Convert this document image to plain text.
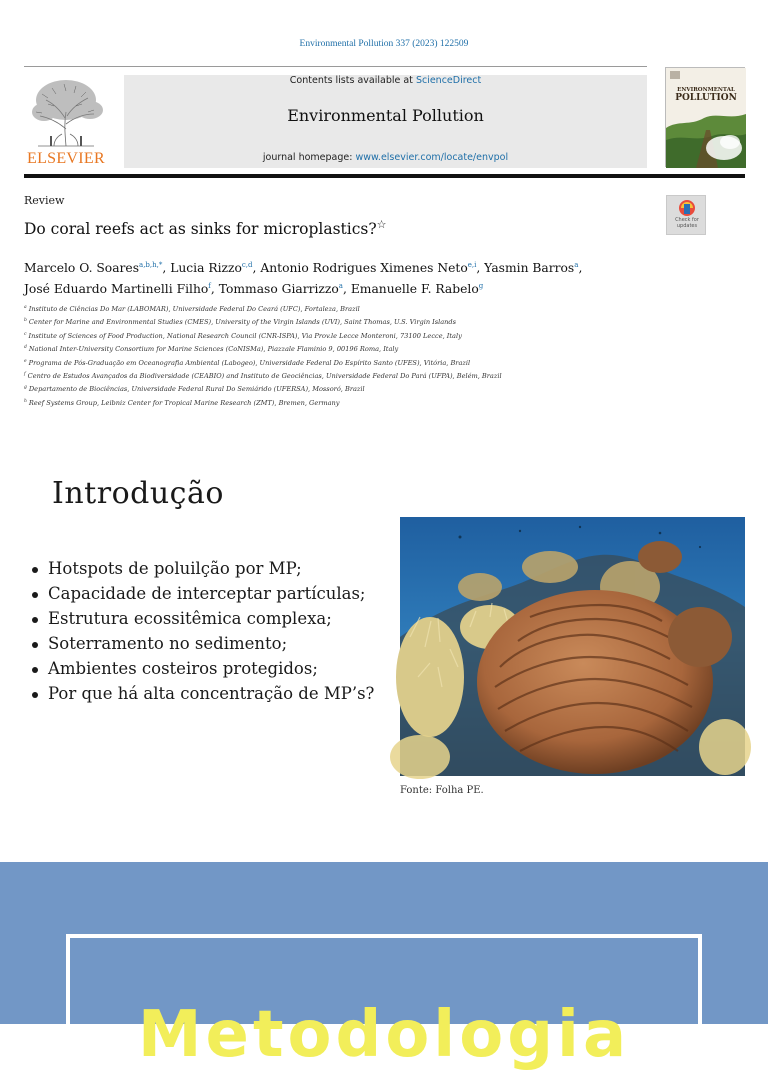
Environmental Pollution 337 (2023) 122509
ELSEVIER
Contents lists available at ScienceDirect
Environmental Pollution
journal homepage: www.elsevier.com/locate/envpol
ENVIRONMENTAL
POLLUTION
Review
Do coral reefs act as sinks for microplastics?☆	Check for updates
Marcelo O. Soares$^{a,b,h,*}$, Lucia Rizzo$^{c,d}$, Antonio Rodrigues Ximenes Neto$^{e,i}$, Yasmin Barros$^a$,
José Eduardo Martinelli Filho$^f$, Tommaso Giarrizzo$^a$, Emanuelle F. Rabelo$^g$
$^a$ Instituto de Ciências Do Mar (LABOMAR), Universidade Federal Do Ceará (UFC), Fortaleza, Brazil
$^b$ Center for Marine and Environmental Studies (CMES), University of the Virgin Islands (UVI), Saint Thomas, U.S. Virgin Islands
$^c$ Institute of Sciences of Food Production, National Research Council (CNR-ISPA), Via Prov.le Lecce Monteroni, 73100 Lecce, Italy
$^d$ National Inter-University Consortium for Marine Sciences (CoNISMa), Piazzale Flaminio 9, 00196 Roma, Italy
$^e$ Programa de Pós-Graduação em Oceanografia Ambiental (Labogeo), Universidade Federal Do Espírito Santo (UFES), Vitória, Brazil
$^f$ Centro de Estudos Avançados da Biodiversidade (CEABIO) and Instituto de Geociências, Universidade Federal Do Pará (UFPA), Belém, Brazil
$^g$ Departamento de Biociências, Universidade Federal Rural Do Semiárido (UFERSA), Mossoró, Brazil
$^h$ Reef Systems Group, Leibniz Center for Tropical Marine Research (ZMT), Bremen, Germany
Introdução
Hotspots de poluilção por MP;
Capacidade de interceptar partículas;
Estrutura ecossitêmica complexa;
Soterramento no sedimento;
Ambientes costeiros protegidos;
Por que há alta concentração de MP’s?
Fonte: Folha PE.
Metodologia
